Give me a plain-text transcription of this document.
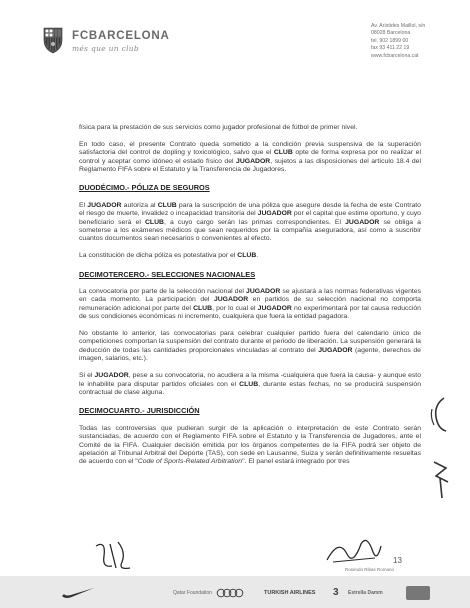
FCBARCELONA
més que un club
Av. Arístides Maillol, s/n
08028 Barcelona
tel. 902 1899 00
fax 93 411 22 19
www.fcbarcelona.cat

física para la prestación de sus servicios como jugador profesional de fútbol de primer nivel.

En todo caso, el presente Contrato queda sometido a la condición previa suspensiva de la superación satisfactoria del control de dopling y toxicológico, salvo que el CLUB opte de forma expresa por no realizar el control y aceptar como idóneo el estado físico del JUGADOR, sujetos a las disposiciones del artículo 18.4 del Reglamento FIFA sobre el Estatuto y la Transferencia de Jugadores.

DUODÉCIMO.- PÓLIZA DE SEGUROS

El JUGADOR autoriza al CLUB para la suscripción de una póliza que asegure desde la fecha de este Contrato el riesgo de muerte, invalidez o incapacidad transitoria del JUGADOR por el capital que estime oportuno, y cuyo beneficiario será el CLUB, a cuyo cargo serán las primas correspondientes. El JUGADOR se obliga a someterse a los exámenes médicos que sean requeridos por la compañía aseguradora, así como a suscribir cuantos documentos sean necesarios o convenientes al efecto.

La constitución de dicha póliza es potestativa por el CLUB.

DECIMOTERCERO.- SELECCIONES NACIONALES

La convocatoria por parte de la selección nacional del JUGADOR se ajustará a las normas federativas vigentes en cada momento. La participación del JUGADOR en partidos de su selección nacional no comporta remuneración adicional por parte del CLUB, por lo cual el JUGADOR no experimentará por tal causa reducción de sus condiciones económicas ni incremento, cualquiera que fuera la entidad pagadora.

No obstante lo anterior, las convocatorias para celebrar cualquier partido fuera del calendario único de competiciones comportan la suspensión del contrato durante el periodo de liberación. La suspensión generará la deducción de todas las cantidades proporcionales vinculadas al contrato del JUGADOR (agente, derechos de imagen, salarios, etc.).

Si el JUGADOR, pese a su convocatoria, no acudiera a la misma -cualquiera que fuera la causa- y aunque esto le inhabilite para disputar partidos oficiales con el CLUB, durante estas fechas, no se producirá suspensión contractual de clase alguna.

DECIMOCUARTO.- JURISDICCIÓN

Todas las controversias que pudieran surgir de la aplicación o interpretación de este Contrato serán sustanciadas, de acuerdo con el Reglamento FIFA sobre el Estatuto y la Transferencia de Jugadores, ante el Comité de la FIFA. Cualquier decisión emitida por los órganos competentes de la FIFA podrá ser objeto de apelación al Tribunal Arbitral del Deporte (TAS), con sede en Lausanne, Suiza y serán definitivamente resueltas de acuerdo con el "Code of Sports-Related Arbitration". El panel estará integrado por tres

13
Rosendo Ribas Romano
Qatar Foundation	TURKISH AIRLINES 3 Estrella Damm
